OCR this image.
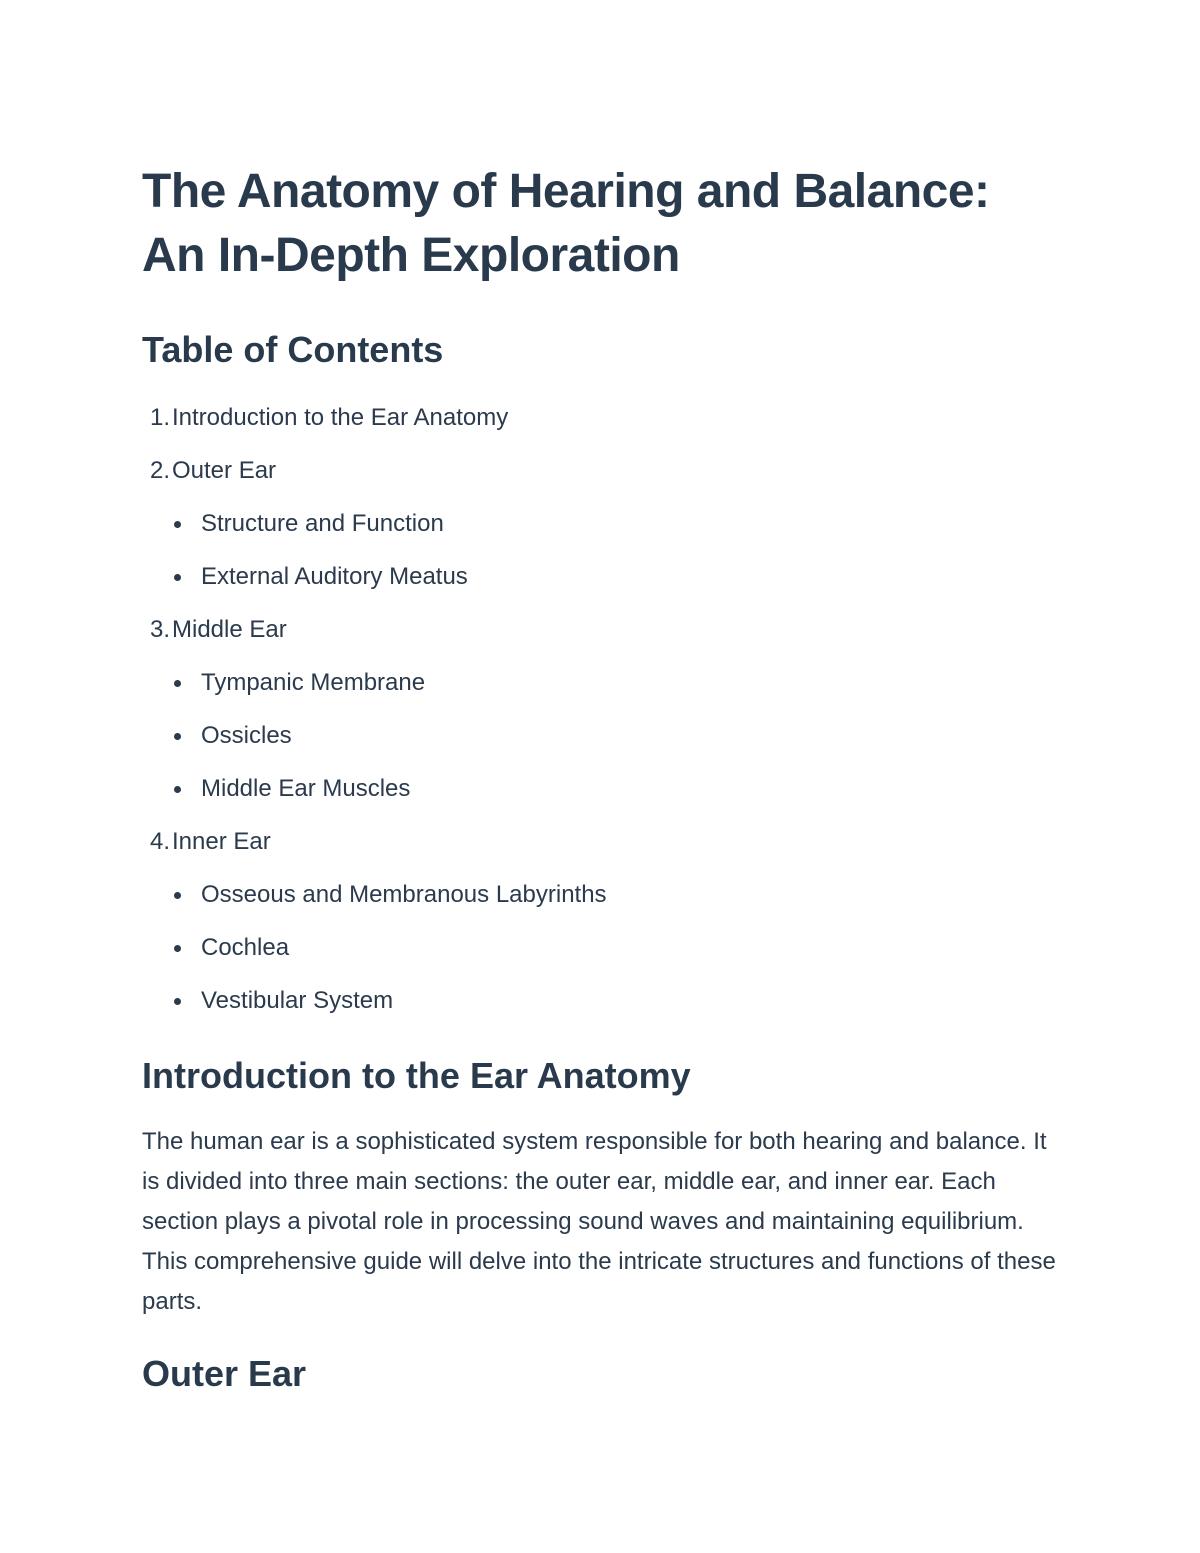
The Anatomy of Hearing and Balance:
An In-Depth Exploration
Table of Contents
1. Introduction to the Ear Anatomy
2. Outer Ear
Structure and Function
External Auditory Meatus
3. Middle Ear
Tympanic Membrane
Ossicles
Middle Ear Muscles
4. Inner Ear
Osseous and Membranous Labyrinths
Cochlea
Vestibular System
Introduction to the Ear Anatomy

The human ear is a sophisticated system responsible for both hearing and balance. It is divided into three main sections: the outer ear, middle ear, and inner ear. Each section plays a pivotal role in processing sound waves and maintaining equilibrium. This comprehensive guide will delve into the intricate structures and functions of these parts.

Outer Ear
